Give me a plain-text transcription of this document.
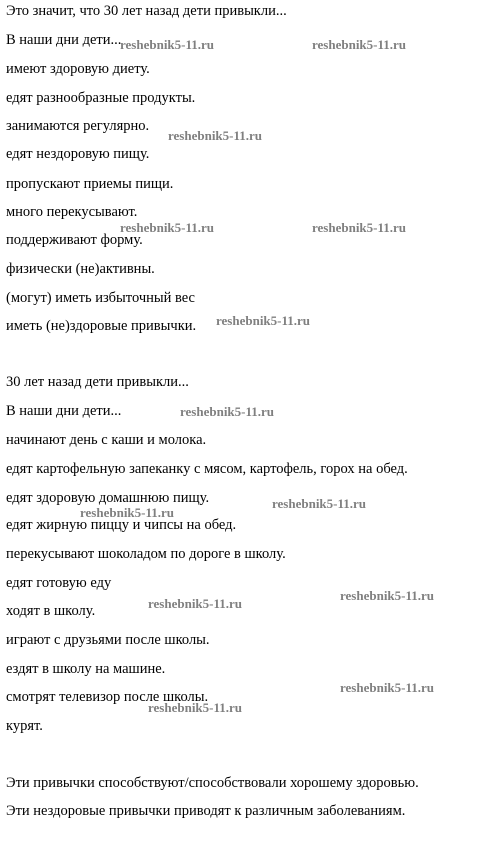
Это значит, что 30 лет назад дети привыкли...
В наши дни дети...
имеют здоровую диету.
едят разнообразные продукты.
занимаются регулярно.
едят нездоровую пищу.
пропускают приемы пищи.
много перекусывают.
поддерживают форму.
физически (не)активны.
(могут) иметь избыточный вес
иметь (не)здоровые привычки.
30 лет назад дети привыкли...
В наши дни дети...
начинают день с каши и молока.
едят картофельную запеканку с мясом, картофель, горох на обед.
едят здоровую домашнюю пищу.
едят жирную пиццу и чипсы на обед.
перекусывают шоколадом по дороге в школу.
едят готовую еду
ходят в школу.
играют с друзьями после школы.
ездят в школу на машине.
смотрят телевизор после школы.
курят.
Эти привычки способствуют/способствовали хорошему здоровью.
Эти нездоровые привычки приводят к различным заболеваниям.
reshebnik5-11.ru	reshebnik5-11.ru
reshebnik5-11.ru
reshebnik5-11.ru	reshebnik5-11.ru
reshebnik5-11.ru
reshebnik5-11.ru
reshebnik5-11.ru
reshebnik5-11.ru
reshebnik5-11.ru
reshebnik5-11.ru
reshebnik5-11.ru
reshebnik5-11.ru
